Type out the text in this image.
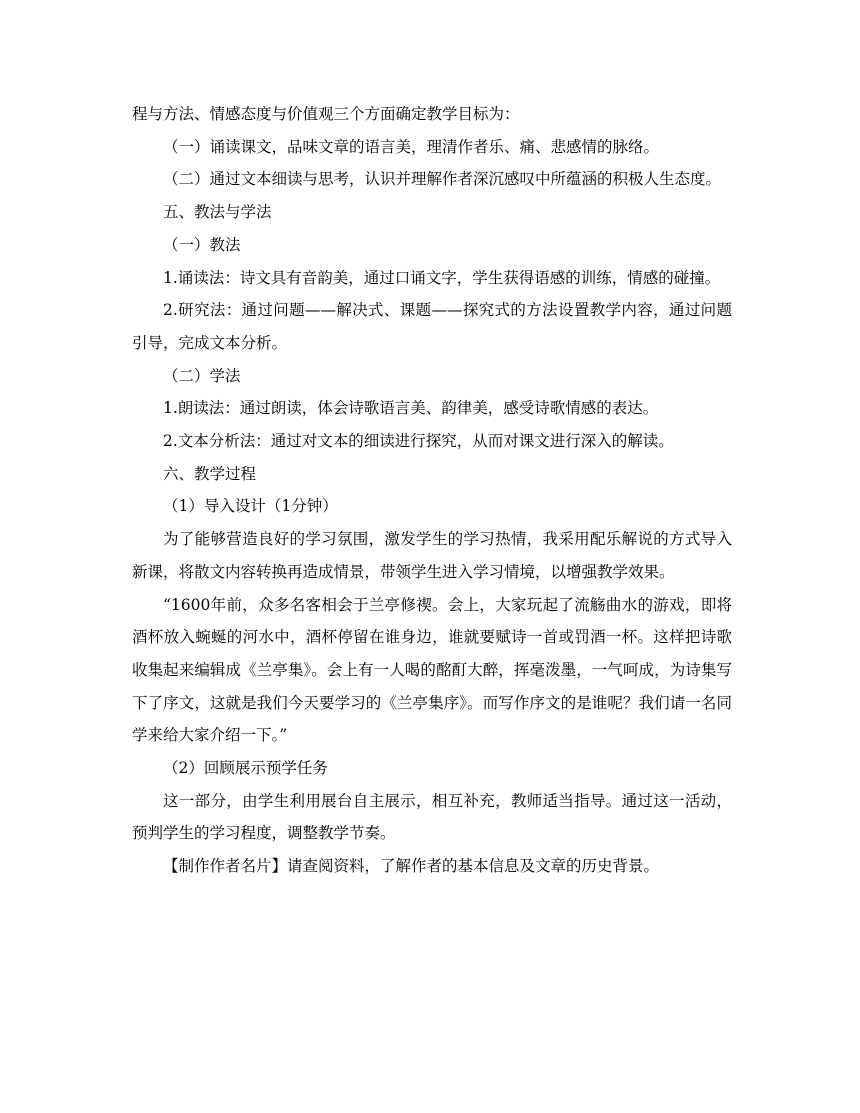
程与方法、情感态度与价值观三个方面确定教学目标为：

（一）诵读课文，品味文章的语言美，理清作者乐、痛、悲感情的脉络。

（二）通过文本细读与思考，认识并理解作者深沉感叹中所蕴涵的积极人生态度。

五、教法与学法

（一）教法

1.诵读法：诗文具有音韵美，通过口诵文字，学生获得语感的训练，情感的碰撞。

2.研究法：通过问题——解决式、课题——探究式的方法设置教学内容，通过问题引导，完成文本分析。

（二）学法

1.朗读法：通过朗读，体会诗歌语言美、韵律美，感受诗歌情感的表达。

2.文本分析法：通过对文本的细读进行探究，从而对课文进行深入的解读。

六、教学过程

（1）导入设计（1分钟）

为了能够营造良好的学习氛围，激发学生的学习热情，我采用配乐解说的方式导入新课，将散文内容转换再造成情景，带领学生进入学习情境，以增强教学效果。

“1600年前，众多名客相会于兰亭修禊。会上，大家玩起了流觞曲水的游戏，即将酒杯放入蜿蜒的河水中，酒杯停留在谁身边，谁就要赋诗一首或罚酒一杯。这样把诗歌收集起来编辑成《兰亭集》。会上有一人喝的酩酊大醉，挥毫泼墨，一气呵成，为诗集写下了序文，这就是我们今天要学习的《兰亭集序》。而写作序文的是谁呢？我们请一名同学来给大家介绍一下。”

（2）回顾展示预学任务

这一部分，由学生利用展台自主展示，相互补充，教师适当指导。通过这一活动，预判学生的学习程度，调整教学节奏。

【制作作者名片】请查阅资料，了解作者的基本信息及文章的历史背景。
